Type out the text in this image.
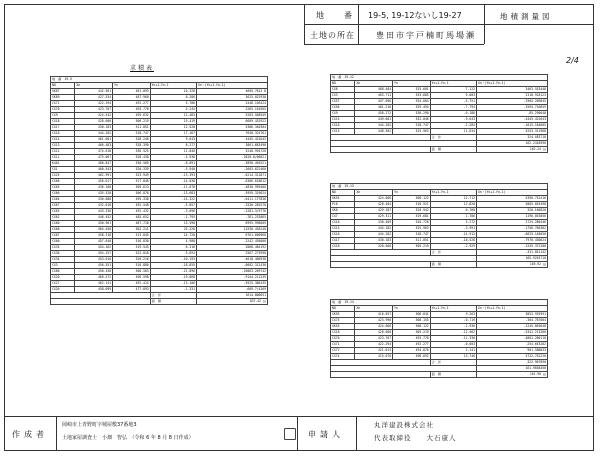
地　番 19-5, 19-12ないし19-27
土地の所在	豊田市宇戸楠町馬場瀬
地積測量図
2/4
求積表
地　番　19-5				
NO	Xn	Yn	Yn+1-Yn-1	Xn・(Yn+1-Yn-1)
SK67	442.901	481.093	10.328	4605.7812 8
SK89	427.534	487.960	8.286	3625.022938
CX71	422.294	492.277	5.786	2448.156424
CX70	423.767	493.776	5.245	2265.154965
CX9	424.542	495.632	12.483	5203.568549
CX18	428.600	506.219	15.419	6609.432922
CX17	430.183	511.051	12.528	5386.340304
CX16	444.282	518.747	17.167	7640.324761
CX14	461.001	528.248	9.643	4445.422643
CX13	466.483	528.390	8.277	3861.683490
CX12	474.618	536.525	11.040	5240.994720
CX11	475.067	528.430	-5.936	-2820.0/06021
K401	480.847	530.589	-8.091	-3890.494521
CX1	460.543	520.339	-5.940	-2603.622460
CX25	462.991	523.949	-13.393	-6214.311871
CX66	456.017	517.846	-14.038	-6386.618612
CX65	436.200	509.613	-11.070	-4830.999400
CX66	435.528	506.876	-13.683	-5959.329624
CX64	436.688	495.330	-14.322	-6411.177836
CX67	432.010	492.548	-5.857	-2530.282570
CX63	443.336	492.432	-3.096	-1281.3/9776
CX62	446.452	485.652	-1.795	-781.232865
CX60	450.961	487.718	15.590	6995.998609
CX68	464.456	502.211	25.226	11536.436240
CX67	458.318	513.845	14.720	6761.600960
CX60	457.640	516.830	4.900	2242.436000
CX35	454.162	519.545	6.316	2868.484192
CX36	454.157	522.018	5.653	2567.273990
CX34	453.010	520.216	-10.193	-4618.460938
CX3	456.551	510.880	-18.855	-8602.312430
CX80	458.458	500.503	-21.896	-10063.269742
CX20	460.572	496.598	-19.868	-9144.211239
CX27	462.141	492.414	-13.106	-5925.386435
CX26	458.099	477.893	-1.331	-609.7/4269
			合　計	1614.806651
			面　積	837.42 ㎡
地　番　19-12				
NO	Xn	Yn	Yn+1-Yn-1	Xn・(Yn+1-Yn-1)
CX8	468.484	525.601	7.122	3463.553448
CX3	463.711	533.685	5.003	2318.918123
CX57	457.096	534.604	-5.751	-2905.209845
CX56	461.216	529.494	-7.794	-3594.716659
CX9	458.272	530.290	-0.186	-85.290640
CX15	449.601	532.046	-9.643	-4445.422643
CX16	444.282	518.747	-2.285	-1015.184605
CX15	448.582	525.963	11.634	5253.311968
			合　計	324.483718
				162.2418590
			面　積	162.24 ㎡
地　番　19-13				
NO	Xn	Yn	Yn+1-Yn-1	Xn・(Yn+1-Yn-1)
GK55	424.068	508.122	12.712	5390.752416
P16	428.404	518.921	12.820	5065.053498
GK6	429.187	520.942	0.760	326.166820
CX7	429.311	519.681	2.786	1196.053056
CX16	430.509	520.728	5.272	2725.280448
CX15	444.182	525.963	-3.991	-1756.766382
CX16	444.282	518.747	-14.912	-6625.148050
CX17	430.183	511.051	-18.528	-7970.430624
CX18	428.600	505.219	-2.929	-1255.372200
			合　計	-331.851142
				165.9255710
			面　積	165.92 ㎡
地　番　19-14				
NO	Xn	Yn	Yn+1-Yn-1	Xn・(Yn+1-Yn-1)
SK95	416.057	508.841	9.263	3853.935991
CX75	423.996	508.155	-0.719	-304.787604
GK55	424.068	508.122	-2.936	-1245.063648
CX18	428.600	505.219	-12.462	-5341.213200
CX70	423.767	493.776	-11.330	-4801.280110
CX71	422.294	492.277	-0.603	-254.643282
CX72	421.013	494.876	2.141	901.388833
CX74	415.070	498.692	13.746	5722.752220
			合　計	-322.907890
				161.9038450
			面　積	161.90 ㎡
作成者
岡崎市上青野町字城屋敷37番地3
土地家屋調査士　小畑　智弘　（令和 6 年 8 月 8 日作成）	申請人
丸洋建設株式会社
代表取締役　　大石康人
